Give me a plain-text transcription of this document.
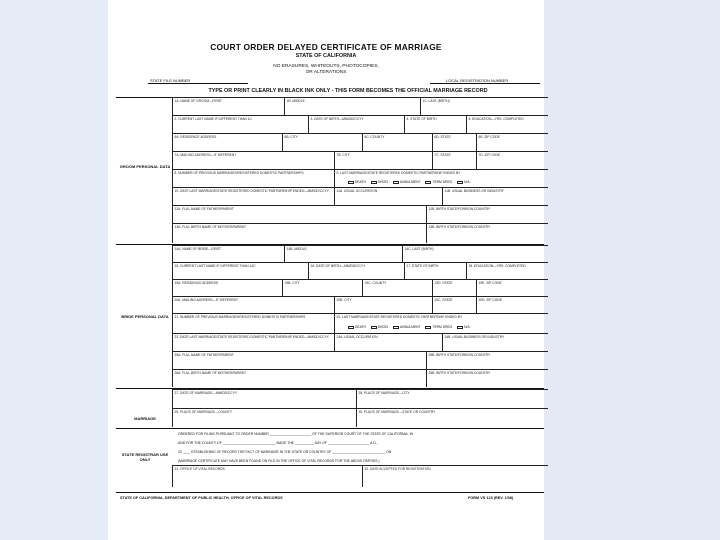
COURT ORDER DELAYED CERTIFICATE OF MARRIAGE
STATE OF CALIFORNIA
NO ERASURES, WHITEOUTS, PHOTOCOPIES,
OR ALTERATIONS
STATE FILE NUMBER	LOCAL REGISTRATION NUMBER
TYPE OR PRINT CLEARLY IN BLACK INK ONLY - THIS FORM BECOMES THE OFFICIAL MARRIAGE RECORD
GROOM PERSONAL DATA
BRIDE PERSONAL DATA
MARRIAGE
STATE REGISTRAR USE ONLY
1A. NAME OF GROOM—FIRST	1B. MIDDLE	1C. LAST (BIRTH)
2. CURRENT LAST NAME IF DIFFERENT THAN 1C	3. DATE OF BIRTH—MM/DD/CCYY	4. STATE OF BIRTH	5. EDUCATION—YRS. COMPLETED
6A. RESIDENCE ADDRESS	6B. CITY	6C. COUNTY	6D. STATE	6E. ZIP CODE
7A. MAILING ADDRESS—IF DIFFERENT	7B. CITY	7C. STATE	7D. ZIP CODE
8. NUMBER OF PREVIOUS MARRIAGES/REGISTERED DOMESTIC PARTNERSHIPS	9. LAST MARRIAGE/STATE REGISTERED DOMESTIC PARTNERSHIP ENDED BY
DEATH	DISSO	ANNULMENT	TERM DREG	N/A
10. DATE LAST MARRIAGE/STATE REGISTERED DOMESTIC PARTNERSHIP ENDED—MM/DD/CCYY	11A. USUAL OCCUPATION	11B. USUAL BUSINESS OR INDUSTRY
12A. FULL NAME OF FATHER/PARENT	12B. BIRTH STATE/FOREIGN COUNTRY
13A. FULL BIRTH NAME OF MOTHER/PARENT	13B. BIRTH STATE/FOREIGN COUNTRY
14A. NAME OF BRIDE—FIRST	14B. MIDDLE	14C. LAST (BIRTH)
15. CURRENT LAST NAME IF DIFFERENT THAN 14C	16. DATE OF BIRTH—MM/DD/CCYY	17. STATE OF BIRTH	18. EDUCATION—YRS. COMPLETED
19A. RESIDENCE ADDRESS	19B. CITY	19C. COUNTY	19D. STATE	19E. ZIP CODE
20A. MAILING ADDRESS—IF DIFFERENT	20B. CITY	20C. STATE	20D. ZIP CODE
21. NUMBER OF PREVIOUS MARRIAGES/REGISTERED DOMESTIC PARTNERSHIPS	22. LAST MARRIAGE/STATE REGISTERED DOMESTIC PARTNERSHIP ENDED BY
DEATH	DISSO	ANNULMENT	TERM DREG	N/A
23. DATE LAST MARRIAGE/STATE REGISTERED DOMESTIC PARTNERSHIP ENDED—MM/DD/CCYY	24A. USUAL OCCUPATION	24B. USUAL BUSINESS OR INDUSTRY
25A. FULL NAME OF FATHER/PARENT	25B. BIRTH STATE/FOREIGN COUNTRY
26A. FULL BIRTH NAME OF MOTHER/PARENT	26B. BIRTH STATE/FOREIGN COUNTRY
27. DATE OF MARRIAGE—MM/DD/CCYY	28. PLACE OF MARRIAGE—CITY
29. PLACE OF MARRIAGE—COUNTY	30. PLACE OF MARRIAGE—STATE OR COUNTRY
ORDERED FOR FILING PURSUANT TO ORDER NUMBER ______________________ OF THE SUPERIOR COURT OF THE STATE OF CALIFORNIA, IN
AND FOR THE COUNTY OF ____________________________ MADE THE __________ DAY OF ______________________ A.D.,
20 ____ ESTABLISHING OF RECORD THE FACT OF MARRIAGE IN THE STATE OR COUNTRY OF ____________________________ ON
(MARRIAGE CERTIFICATE MAY HAVE BEEN FOUND ON FILE IN THE OFFICE OF VITAL RECORDS FOR THE ABOVE PARTIES.)
31. OFFICE OF VITAL RECORDS	32. DATE ACCEPTED FOR REGISTRATION
STATE OF CALIFORNIA, DEPARTMENT OF PUBLIC HEALTH, OFFICE OF VITAL RECORDS	FORM VS 123 (REV. 1/08)
